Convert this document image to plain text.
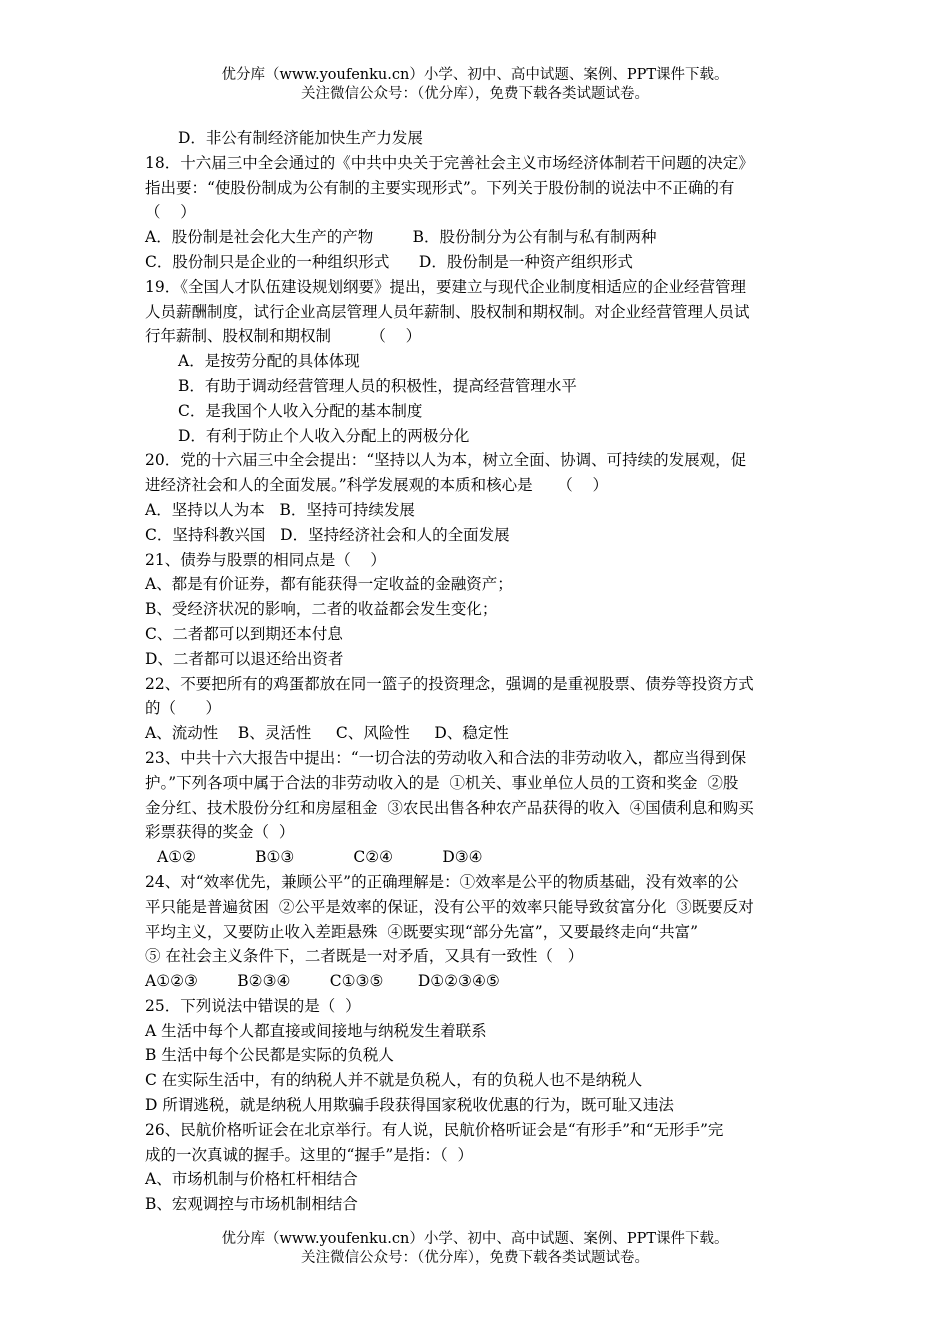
优分库（www.youfenku.cn）小学、初中、高中试题、案例、PPT课件下载。
关注微信公众号：（优分库），免费下载各类试题试卷。
D．非公有制经济能加快生产力发展
18．十六届三中全会通过的《中共中央关于完善社会主义市场经济体制若干问题的决定》
指出要：“使股份制成为公有制的主要实现形式”。下列关于股份制的说法中不正确的有
（    ）
A．股份制是社会化大生产的产物        B．股份制分为公有制与私有制两种
C．股份制只是企业的一种组织形式      D．股份制是一种资产组织形式
19．《全国人才队伍建设规划纲要》提出，要建立与现代企业制度相适应的企业经营管理
人员薪酬制度，试行企业高层管理人员年薪制、股权制和期权制。对企业经营管理人员试
行年薪制、股权制和期权制        （    ）
A．是按劳分配的具体体现
B．有助于调动经营管理人员的积极性，提高经营管理水平
C．是我国个人收入分配的基本制度
D．有利于防止个人收入分配上的两极分化
20．党的十六届三中全会提出：“坚持以人为本，树立全面、协调、可持续的发展观，促
进经济社会和人的全面发展。”科学发展观的本质和核心是     （    ）
A．坚持以人为本   B．坚持可持续发展
C．坚持科教兴国   D．坚持经济社会和人的全面发展
21、债券与股票的相同点是（    ）
A、都是有价证券，都有能获得一定收益的金融资产；
B、受经济状况的影响，二者的收益都会发生变化；
C、二者都可以到期还本付息
D、二者都可以退还给出资者
22、不要把所有的鸡蛋都放在同一篮子的投资理念，强调的是重视股票、债券等投资方式
的（      ）
A、流动性    B、灵活性     C、风险性     D、稳定性
23、中共十六大报告中提出：“一切合法的劳动收入和合法的非劳动收入，都应当得到保
护。”下列各项中属于合法的非劳动收入的是  ①机关、事业单位人员的工资和奖金  ②股
金分红、技术股份分红和房屋租金  ③农民出售各种农产品获得的收入  ④国债利息和购买
彩票获得的奖金（  ）
A①②            B①③            C②④          D③④
24、对“效率优先，兼顾公平”的正确理解是：①效率是公平的物质基础，没有效率的公
平只能是普遍贫困  ②公平是效率的保证，没有公平的效率只能导致贫富分化  ③既要反对
平均主义，又要防止收入差距悬殊  ④既要实现“部分先富”，又要最终走向“共富”
⑤ 在社会主义条件下，二者既是一对矛盾，又具有一致性（   ）
A①②③        B②③④        C①③⑤       D①②③④⑤
25．下列说法中错误的是（  ）
A 生活中每个人都直接或间接地与纳税发生着联系
B 生活中每个公民都是实际的负税人
C 在实际生活中，有的纳税人并不就是负税人，有的负税人也不是纳税人
D 所谓逃税，就是纳税人用欺骗手段获得国家税收优惠的行为，既可耻又违法
26、民航价格听证会在北京举行。有人说，民航价格听证会是“有形手”和“无形手”完
成的一次真诚的握手。这里的“握手”是指：（  ）
A、市场机制与价格杠杆相结合
B、宏观调控与市场机制相结合
优分库（www.youfenku.cn）小学、初中、高中试题、案例、PPT课件下载。
关注微信公众号：（优分库），免费下载各类试题试卷。
